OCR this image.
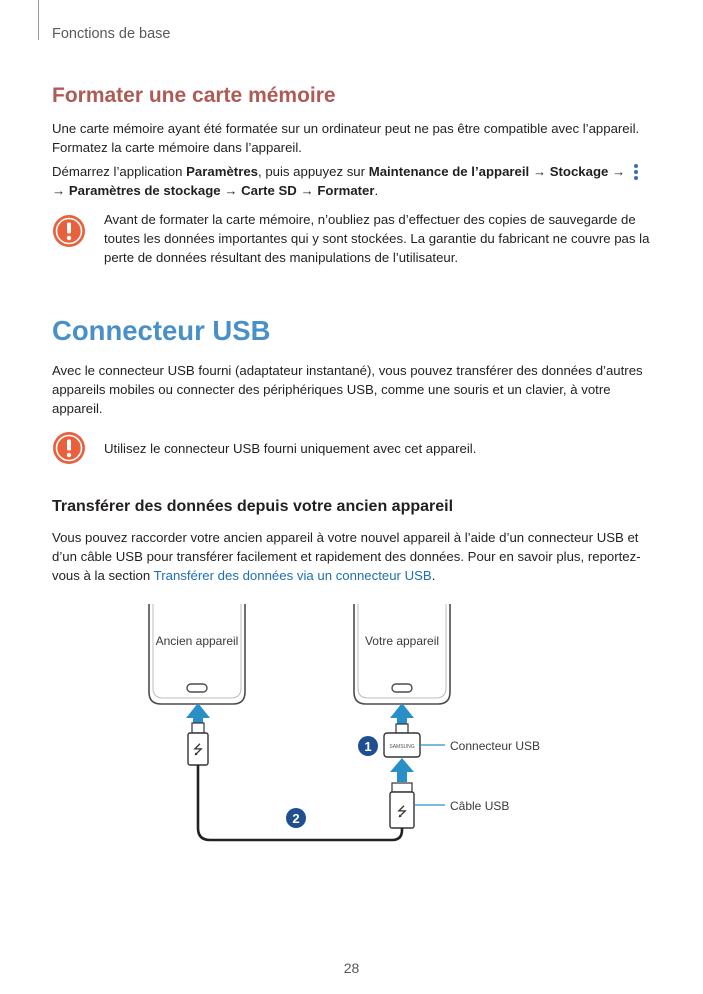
Fonctions de base
Formater une carte mémoire
Une carte mémoire ayant été formatée sur un ordinateur peut ne pas être compatible avec l’appareil. Formatez la carte mémoire dans l’appareil.
Démarrez l’application Paramètres, puis appuyez sur Maintenance de l’appareil → Stockage →

→ Paramètres de stockage → Carte SD → Formater.
Avant de formater la carte mémoire, n’oubliez pas d’effectuer des copies de sauvegarde de toutes les données importantes qui y sont stockées. La garantie du fabricant ne couvre pas la perte de données résultant des manipulations de l’utilisateur.
Connecteur USB
Avec le connecteur USB fourni (adaptateur instantané), vous pouvez transférer des données d’autres appareils mobiles ou connecter des périphériques USB, comme une souris et un clavier, à votre appareil.
Utilisez le connecteur USB fourni uniquement avec cet appareil.
Transférer des données depuis votre ancien appareil
Vous pouvez raccorder votre ancien appareil à votre nouvel appareil à l’aide d’un connecteur USB et d’un câble USB pour transférer facilement et rapidement des données. Pour en savoir plus, reportez-vous à la section Transférer des données via un connecteur USB.
Ancien appareil	Votre appareil
⭍	SAMSUNG
⭍
1
2
Connecteur USB
Câble USB
28
